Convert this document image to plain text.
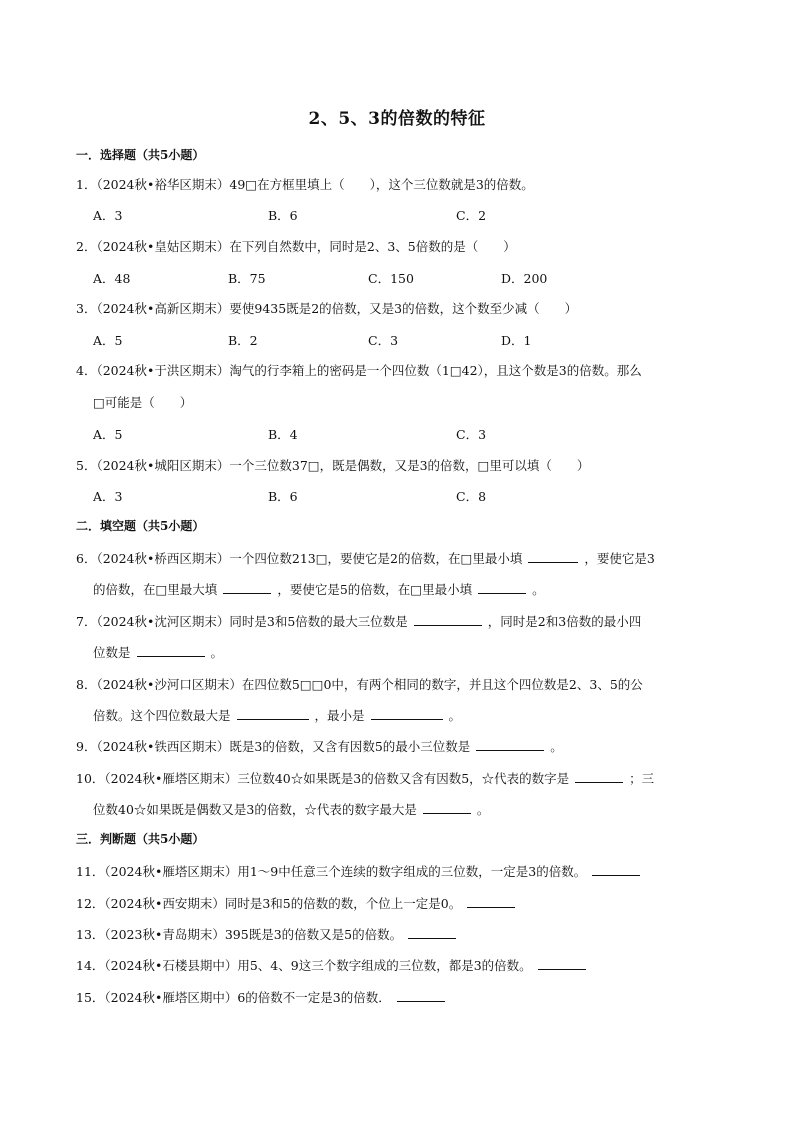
2、5、3的倍数的特征
一．选择题（共5小题）
1．（2024秋•裕华区期末）49□在方框里填上（　　），这个三位数就是3的倍数。
A．3	B．6	C．2
2．（2024秋•皇姑区期末）在下列自然数中，同时是2、3、5倍数的是（　　）
A．48	B．75	C．150	D．200
3．（2024秋•高新区期末）要使9435既是2的倍数，又是3的倍数，这个数至少减（　　）
A．5	B．2	C．3	D．1
4．（2024秋•于洪区期末）淘气的行李箱上的密码是一个四位数（1□42），且这个数是3的倍数。那么
□可能是（　　）
A．5	B．4	C．3
5．（2024秋•城阳区期末）一个三位数37□，既是偶数，又是3的倍数，□里可以填（　　）
A．3	B．6	C．8
二．填空题（共5小题）
6．（2024秋•桥西区期末）一个四位数213□，要使它是2的倍数，在□里最小填	，要使它是3
的倍数，在□里最大填	，要使它是5的倍数，在□里最小填	。
7．（2024秋•沈河区期末）同时是3和5倍数的最大三位数是	，同时是2和3倍数的最小四
位数是	。
8．（2024秋•沙河口区期末）在四位数5□□0中，有两个相同的数字，并且这个四位数是2、3、5的公
倍数。这个四位数最大是	，最小是	。
9．（2024秋•铁西区期末）既是3的倍数，又含有因数5的最小三位数是	。
10．（2024秋•雁塔区期末）三位数40☆如果既是3的倍数又含有因数5，☆代表的数字是	；三
位数40☆如果既是偶数又是3的倍数，☆代表的数字最大是	。
三．判断题（共5小题）
11．（2024秋•雁塔区期末）用1～9中任意三个连续的数字组成的三位数，一定是3的倍数。
12．（2024秋•西安期末）同时是3和5的倍数的数，个位上一定是0。
13．（2023秋•青岛期末）395既是3的倍数又是5的倍数。
14．（2024秋•石楼县期中）用5、4、9这三个数字组成的三位数，都是3的倍数。
15．（2024秋•雁塔区期中）6的倍数不一定是3的倍数．
